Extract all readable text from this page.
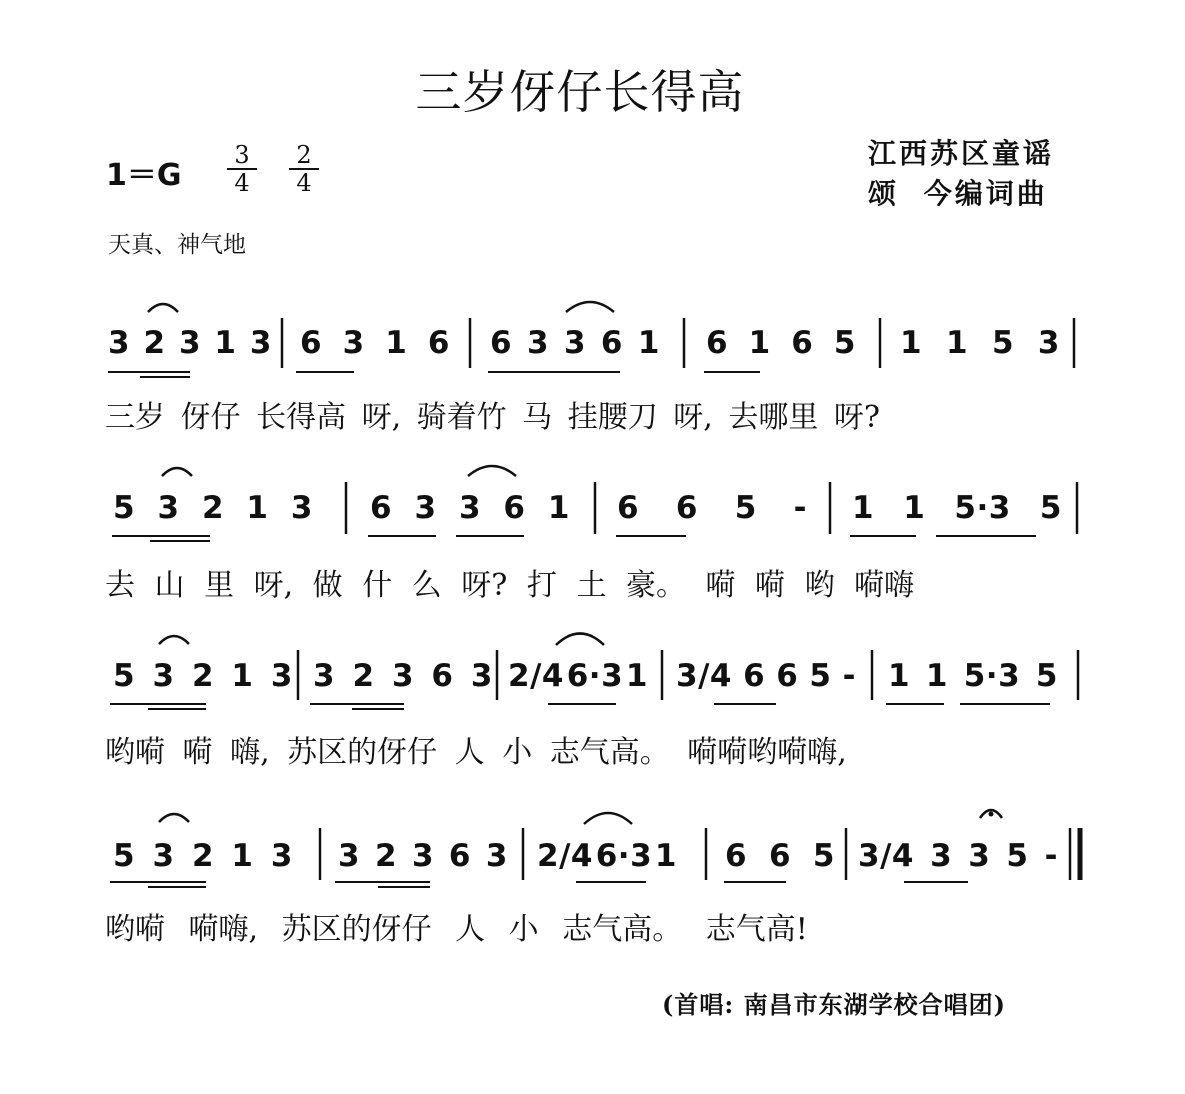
三岁伢仔长得高
1＝G
3
4
2
4
江西苏区童谣
颂 今编词曲
天真、神气地
3 2 3 1 3 6 3 1 6 6 3 3 6 1 6 1 6 5 1 1 5 3
三岁 伢仔 长得高 呀, 骑着竹 马 挂腰刀 呀, 去哪里 呀?
5 3 2 1 3 6 3 3 6 1 6 6 5 - 1 1 5·3 5
去 山 里 呀, 做 什 么 呀? 打 土 豪。 嗬 嗬 哟 嗬嗨
5 3 2 1 3 3 2 3 6 3 2/4 6·3 1 3/4 6 6 5 - 1 1 5·3 5
哟嗬 嗬 嗨, 苏区的伢仔 人 小 志气高。 嗬嗬哟嗬嗨,
5 3 2 1 3 3 2 3 6 3 2/4 6·3 1 6 6 5 3/4 3 3 5 -
哟嗬 嗬嗨, 苏区的伢仔 人 小 志气高。 志气高!
(首唱: 南昌市东湖学校合唱团)
